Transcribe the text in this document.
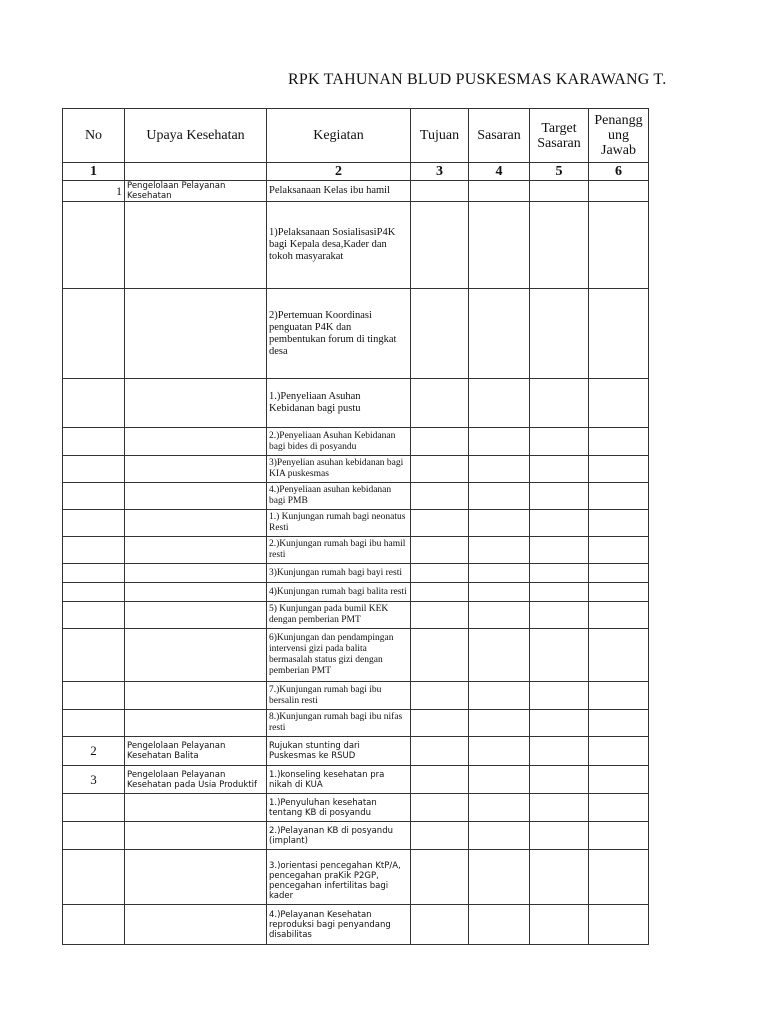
RPK TAHUNAN BLUD PUSKESMAS KARAWANG T.
No	Upaya Kesehatan	Kegiatan	Tujuan	Sasaran	Target Sasaran	Penangg ung Jawab
1		2	3	4	5	6
1	Pengelolaan Pelayanan Kesehatan	Pelaksanaan Kelas ibu hamil				
		1)Pelaksanaan SosialisasiP4K bagi Kepala desa,Kader dan tokoh masyarakat				
		2)Pertemuan Koordinasi penguatan P4K dan pembentukan forum di tingkat desa				
		1.)Penyeliaan Asuhan Kebidanan bagi pustu				
		2.)Penyeliaan Asuhan Kebidanan bagi bides di posyandu				
		3)Penyelian asuhan kebidanan bagi KIA puskesmas				
		4.)Penyeliaan asuhan kebidanan bagi PMB				
		1.) Kunjungan rumah bagi neonatus Resti				
		2.)Kunjungan rumah bagi ibu hamil resti				
		3)Kunjungan rumah bagi bayi resti				
		4)Kunjungan rumah bagi balita resti				
		5) Kunjungan pada bumil KEK dengan pemberian PMT				
		6)Kunjungan dan pendampingan intervensi gizi pada balita bermasalah status gizi dengan pemberian PMT				
		7.)Kunjungan rumah bagi ibu bersalin resti				
		8.)Kunjungan rumah bagi ibu nifas resti				
2	Pengelolaan Pelayanan Kesehatan Balita	Rujukan stunting dari Puskesmas ke RSUD				
3	Pengelolaan Pelayanan Kesehatan pada Usia Produktif	1.)konseling kesehatan pra nikah di KUA				
		1.)Penyuluhan kesehatan tentang KB di posyandu				
		2.)Pelayanan KB di posyandu (implant)				
		3.)orientasi pencegahan KtP/A, pencegahan praKik P2GP, pencegahan infertilitas bagi kader				
		4.)Pelayanan Kesehatan reproduksi bagi penyandang disabilitas				
